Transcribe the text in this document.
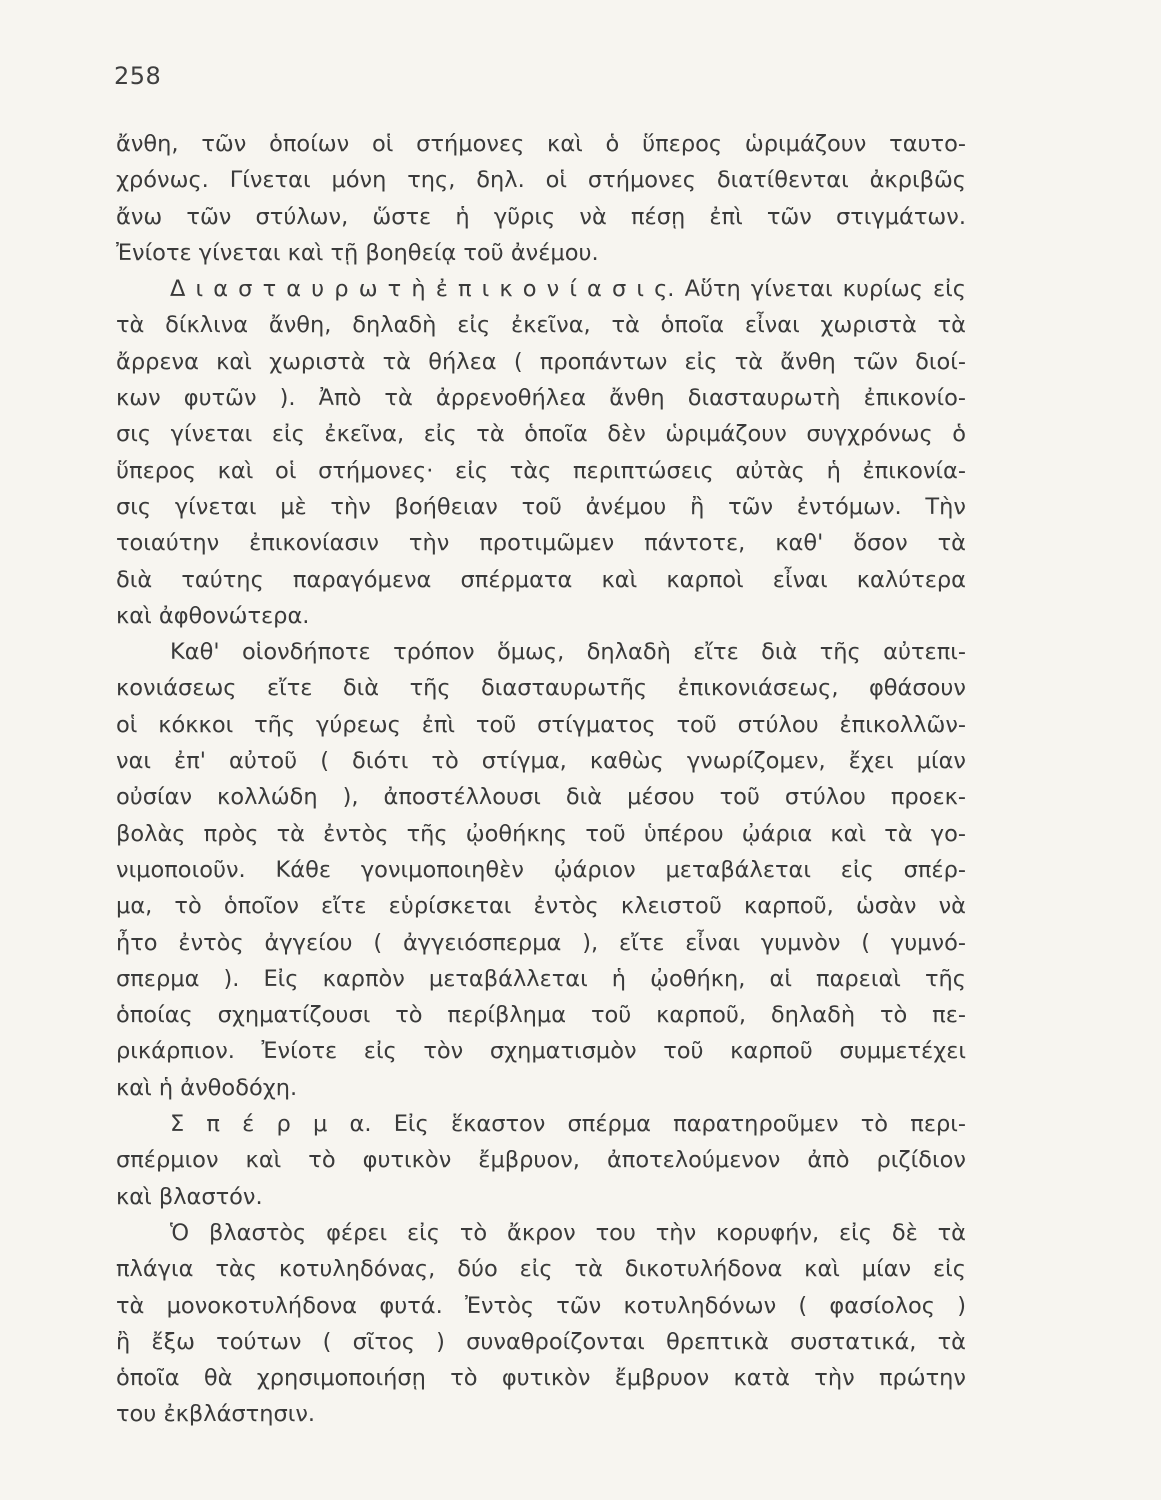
258
ἄνθη, τῶν ὁποίων οἱ στήμονες καὶ ὁ ὕπερος ὡριμάζουν ταυτο-
χρόνως. Γίνεται μόνη της, δηλ. οἱ στήμονες διατίθενται ἀκριβῶς
ἄνω τῶν στύλων, ὥστε ἡ γῦρις νὰ πέσῃ ἐπὶ τῶν στιγμάτων.
Ἐνίοτε γίνεται καὶ τῇ βοηθείᾳ τοῦ ἀνέμου.
Δ ι α σ τ α υ ρ ω τ ὴ ἐ π ι κ ο ν ί α σ ι ς. Αὕτη γίνεται κυρίως εἰς
τὰ δίκλινα ἄνθη, δηλαδὴ εἰς ἐκεῖνα, τὰ ὁποῖα εἶναι χωριστὰ τὰ
ἄρρενα καὶ χωριστὰ τὰ θήλεα ( προπάντων εἰς τὰ ἄνθη τῶν διοί-
κων φυτῶν ). Ἀπὸ τὰ ἀρρενοθήλεα ἄνθη διασταυρωτὴ ἐπικονίο-
σις γίνεται εἰς ἐκεῖνα, εἰς τὰ ὁποῖα δὲν ὡριμάζουν συγχρόνως ὁ
ὕπερος καὶ οἱ στήμονες· εἰς τὰς περιπτώσεις αὐτὰς ἡ ἐπικονία-
σις γίνεται μὲ τὴν βοήθειαν τοῦ ἀνέμου ἢ τῶν ἐντόμων. Τὴν
τοιαύτην ἐπικονίασιν τὴν προτιμῶμεν πάντοτε, καθ' ὅσον τὰ
διὰ ταύτης παραγόμενα σπέρματα καὶ καρποὶ εἶναι καλύτερα
καὶ ἀφθονώτερα.
Καθ' οἱονδήποτε τρόπον ὅμως, δηλαδὴ εἴτε διὰ τῆς αὐτεπι-
κονιάσεως εἴτε διὰ τῆς διασταυρωτῆς ἐπικονιάσεως, φθάσουν
οἱ κόκκοι τῆς γύρεως ἐπὶ τοῦ στίγματος τοῦ στύλου ἐπικολλῶν-
ναι ἐπ' αὐτοῦ ( διότι τὸ στίγμα, καθὼς γνωρίζομεν, ἔχει μίαν
οὐσίαν κολλώδη ), ἀποστέλλουσι διὰ μέσου τοῦ στύλου προεκ-
βολὰς πρὸς τὰ ἐντὸς τῆς ᾠοθήκης τοῦ ὑπέρου ᾠάρια καὶ τὰ γο-
νιμοποιοῦν. Κάθε γονιμοποιηθὲν ᾠάριον μεταβάλεται εἰς σπέρ-
μα, τὸ ὁποῖον εἴτε εὑρίσκεται ἐντὸς κλειστοῦ καρποῦ, ὡσὰν νὰ
ἦτο ἐντὸς ἀγγείου ( ἀγγειόσπερμα ), εἴτε εἶναι γυμνὸν ( γυμνό-
σπερμα ). Εἰς καρπὸν μεταβάλλεται ἡ ᾠοθήκη, αἱ παρειαὶ τῆς
ὁποίας σχηματίζουσι τὸ περίβλημα τοῦ καρποῦ, δηλαδὴ τὸ πε-
ρικάρπιον. Ἐνίοτε εἰς τὸν σχηματισμὸν τοῦ καρποῦ συμμετέχει
καὶ ἡ ἀνθοδόχη.
Σ π έ ρ μ α. Εἰς ἕκαστον σπέρμα παρατηροῦμεν τὸ περι-
σπέρμιον καὶ τὸ φυτικὸν ἔμβρυον, ἀποτελούμενον ἀπὸ ριζίδιον
καὶ βλαστόν.
Ὁ βλαστὸς φέρει εἰς τὸ ἄκρον του τὴν κορυφήν, εἰς δὲ τὰ
πλάγια τὰς κοτυληδόνας, δύο εἰς τὰ δικοτυλήδονα καὶ μίαν εἰς
τὰ μονοκοτυλήδονα φυτά. Ἐντὸς τῶν κοτυληδόνων ( φασίολος )
ἢ ἔξω τούτων ( σῖτος ) συναθροίζονται θρεπτικὰ συστατικά, τὰ
ὁποῖα θὰ χρησιμοποιήσῃ τὸ φυτικὸν ἔμβρυον κατὰ τὴν πρώτην
του ἐκβλάστησιν.
